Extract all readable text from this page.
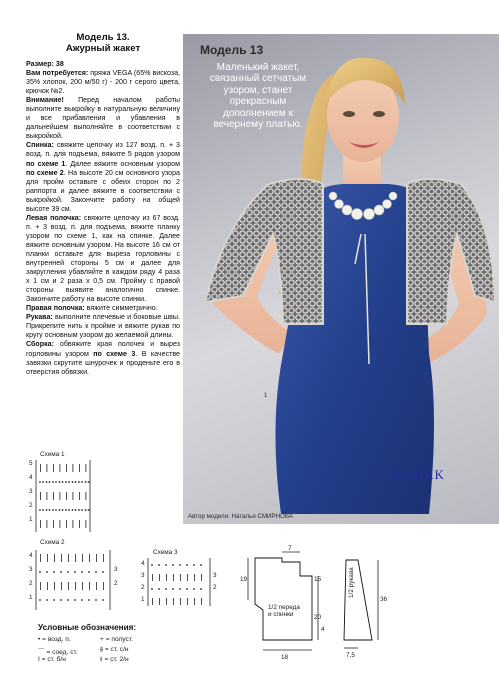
Модель 13.
Ажурный жакет

Размер: 38

Вам потребуется: пряжа VEGA (65% вискоза, 35% хлопок, 200 м/50 г) - 200 г серого цвета, крючок №2.

Внимание! Перед началом работы выполните выкройку в натуральную величину и все прибавления и убавления в дальнейшем выполняйте в соответствии с выкройкой.

Спинка: свяжите цепочку из 127 возд. п. + 3 возд. п. для подъема, вяжите 5 рядов узором по схеме 1. Далее вяжите основным узором по схеме 2. На высоте 20 см основного узора для пройм оставьте с обеих сторон по 2 раппорта и далее вяжите в соответствии с выкройкой. Закончите работу на общей высоте 39 см.

Левая полочка: свяжите цепочку из 67 возд. п. + 3 возд. п. для подъема, вяжите планку узором по схеме 1, как на спинке. Далее вяжите основным узором. На высоте 16 см от планки оставьте для выреза горловины с внутренней стороны 5 см и далее для закругления убавляйте в каждом ряду 4 раза х 1 см и 2 раза х 0,5 см. Пройму с правой стороны выявите аналогично спинке. Закончите работу на высоте спинки.

Правая полочка: вяжите симметрично.

Рукава: выполните плечевые и боковые швы. Прикрепите нить к пройме и вяжите рукав по кругу основным узором до желаемой длины.

Сборка: обвяжите края полочек и вырез горловины узором по схеме 3. В качестве завязки скрутите шнурочек и проденьте его в отверстия обвязки.

Модель 13
Маленький жакет, связанный сетчатым узором, станет прекрасным дополнением к вечернему платью.
RIMIRK
Автор модели: Наталья СМИРНОВА
1
Схема 1
Схема 2
Схема 3
5
4
3
2
1
4
3
2
1
3
2
4
3
2
1
3
2
7
19	15
20
4
18
1/2 переда и спинки
1/2 рукава
36
7,5
Условные обозначения:
• = возд. п.	+ = полуст.
⌒ = соед. ст.	⫵ = ст. с/н
I = ст. б/н	⫳ = ст. 2/н
